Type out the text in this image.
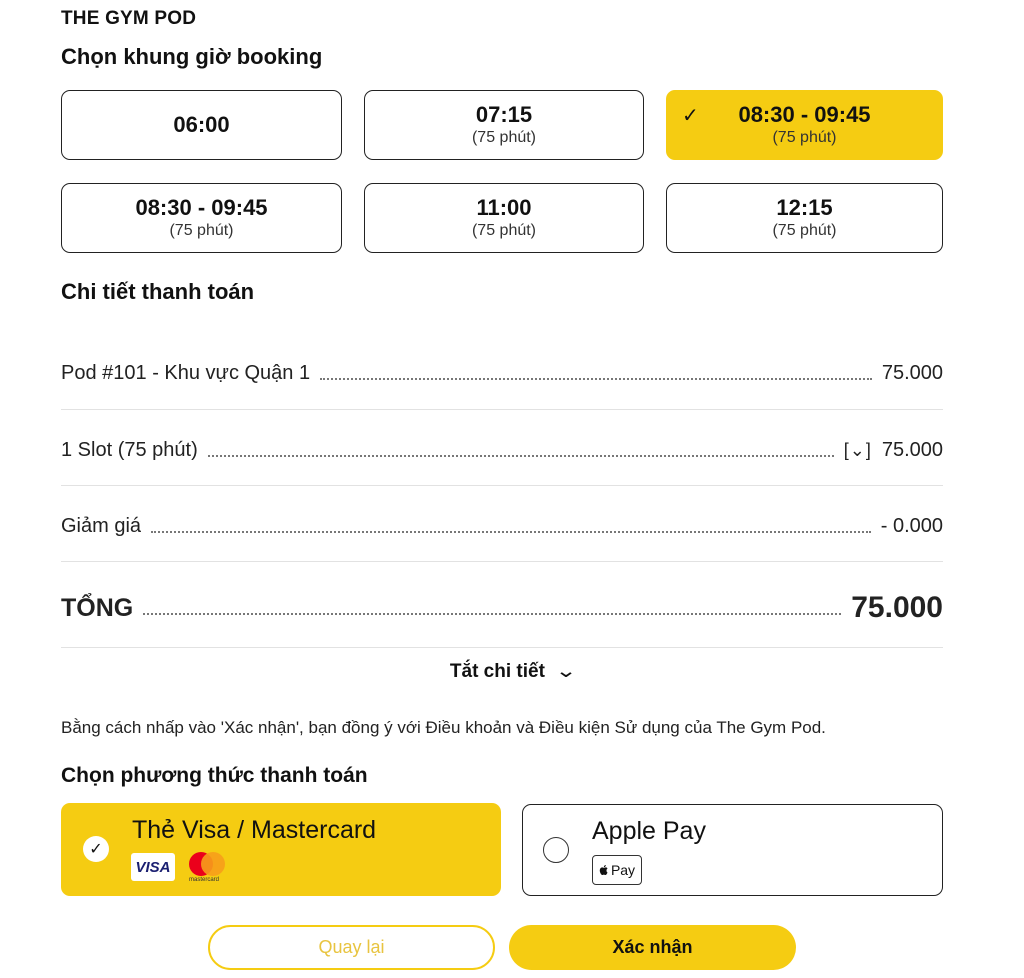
THE GYM POD
Chọn khung giờ booking
06:00	07:15
(75 phút)
✓ 08:30 - 09:45
(75 phút)
08:30 - 09:45
(75 phút)
11:00
(75 phút)
12:15
(75 phút)
Chi tiết thanh toán
Pod #101 - Khu vực Quận 1	75.000
1 Slot (75 phút)	[⌄] 75.000
Giảm giá	- 0.000
TỔNG	75.000
Tắt chi tiết ⌄
Bằng cách nhấp vào 'Xác nhận', bạn đồng ý với Điều khoản và Điều kiện Sử dụng của The Gym Pod.
Chọn phương thức thanh toán
✓
Thẻ Visa / Mastercard
VISA
mastercard
Apple Pay
Pay
Quay lại	Xác nhận
